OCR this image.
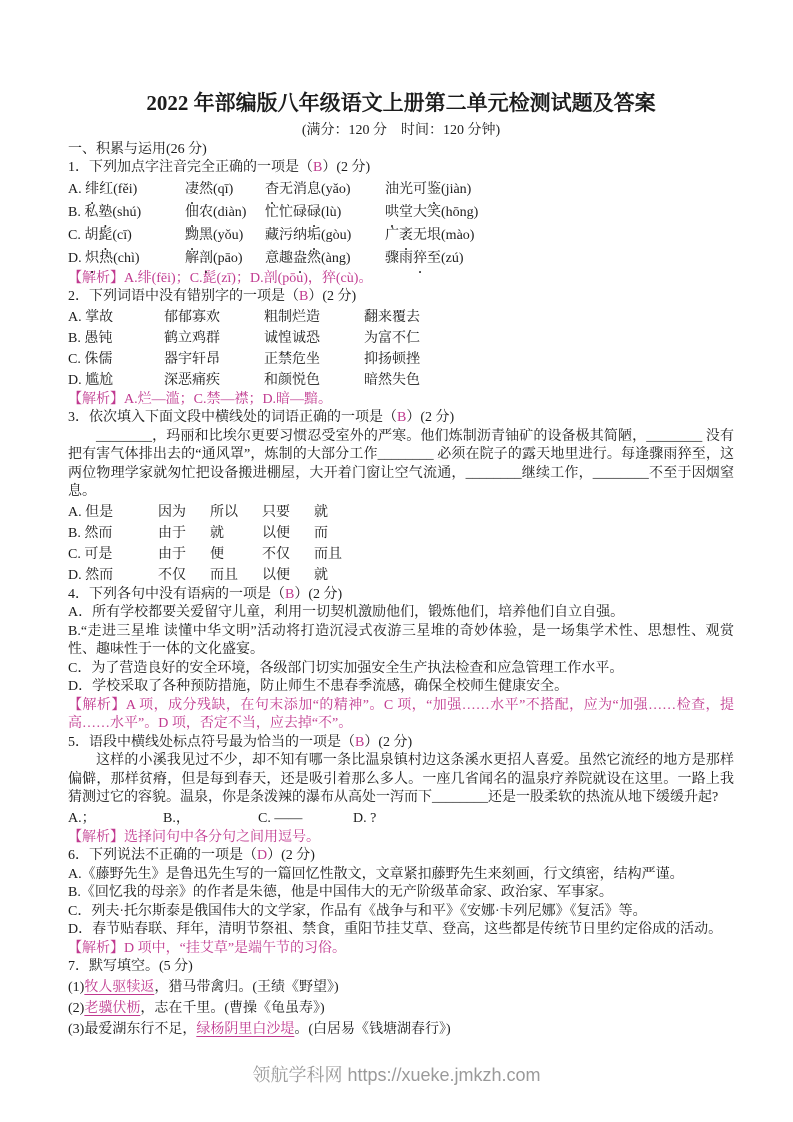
2022 年部编版八年级语文上册第二单元检测试题及答案

(满分：120 分　时间：120 分钟)

一、积累与运用(26 分)

1．下列加点字注音完全正确的一项是（B）(2 分)

A. 绯红(fěi)	凄然(qī) 杳无消息(yǎo) 油光可鉴(jiàn)

B. 私塾(shú)	佃农(diàn) 忙忙碌碌(lù)	哄堂大笑(hōng)

C. 胡髭(cī)	黝黑(yǒu) 藏污纳垢(gòu) 广袤无垠(mào)

D. 炽热(chì)	解剖(pāo) 意趣盎然(àng) 骤雨猝至(zú)

【解析】A.绯(fēi)；C.髭(zī)；D.剖(pōu)，猝(cù)。

2．下列词语中没有错别字的一项是（B）(2 分)

A. 掌故	郁郁寡欢	粗制烂造	翻来覆去

B. 愚钝	鹤立鸡群	诚惶诚恐	为富不仁

C. 侏儒	器宇轩昂	正禁危坐	抑扬顿挫

D. 尴尬	深恶痛疾	和颜悦色	暗然失色

【解析】A.烂—滥；C.禁—襟；D.暗—黯。

3．依次填入下面文段中横线处的词语正确的一项是（B）(2 分)

________，玛丽和比埃尔更要习惯忍受室外的严寒。他们炼制沥青铀矿的设备极其简陋，________ 没有把有害气体排出去的“通风罩”，炼制的大部分工作________ 必须在院子的露天地里进行。每逢骤雨猝至，这两位物理学家就匆忙把设备搬进棚屋，大开着门窗让空气流通，________继续工作，________不至于因烟窒息。

A. 但是	因为 所以 只要 就

B. 然而	由于 就	以便 而

C. 可是	由于 便	不仅 而且

D. 然而	不仅 而且 以便 就

4．下列各句中没有语病的一项是（B）(2 分)

A．所有学校都要关爱留守儿童，利用一切契机激励他们，锻炼他们，培养他们自立自强。

B.“走进三星堆 读懂中华文明”活动将打造沉浸式夜游三星堆的奇妙体验，是一场集学术性、思想性、观赏性、趣味性于一体的文化盛宴。

C．为了营造良好的安全环境，各级部门切实加强安全生产执法检查和应急管理工作水平。

D．学校采取了各种预防措施，防止师生不患春季流感，确保全校师生健康安全。

【解析】A 项，成分残缺，在句末添加“的精神”。C 项，“加强……水平”不搭配，应为“加强……检查，提高……水平”。D 项，否定不当，应去掉“不”。

5．语段中横线处标点符号最为恰当的一项是（B）(2 分)

这样的小溪我见过不少，却不知有哪一条比温泉镇村边这条溪水更招人喜爱。虽然它流经的地方是那样偏僻，那样贫瘠，但是每到春天，还是吸引着那么多人。一座几省闻名的温泉疗养院就设在这里。一路上我猜测过它的容貌。温泉，你是条泼辣的瀑布从高处一泻而下________还是一股柔软的热流从地下缓缓升起?

A.；	B.，	C. ——	D. ?

【解析】选择问句中各分句之间用逗号。

6．下列说法不正确的一项是（D）(2 分)

A.《藤野先生》是鲁迅先生写的一篇回忆性散文，文章紧扣藤野先生来刻画，行文缜密，结构严谨。

B.《回忆我的母亲》的作者是朱德，他是中国伟大的无产阶级革命家、政治家、军事家。

C．列夫·托尔斯泰是俄国伟大的文学家，作品有《战争与和平》《安娜·卡列尼娜》《复活》等。

D．春节贴春联、拜年，清明节祭祖、禁食，重阳节挂艾草、登高，这些都是传统节日里约定俗成的活动。

【解析】D 项中，“挂艾草”是端午节的习俗。

7．默写填空。(5 分)

(1)牧人驱犊返，猎马带禽归。(王绩《野望》)

(2)老骥伏枥，志在千里。(曹操《龟虽寿》)

(3)最爱湖东行不足，绿杨阴里白沙堤。(白居易《钱塘湖春行》)

领航学科网 https://xueke.jmkzh.com
